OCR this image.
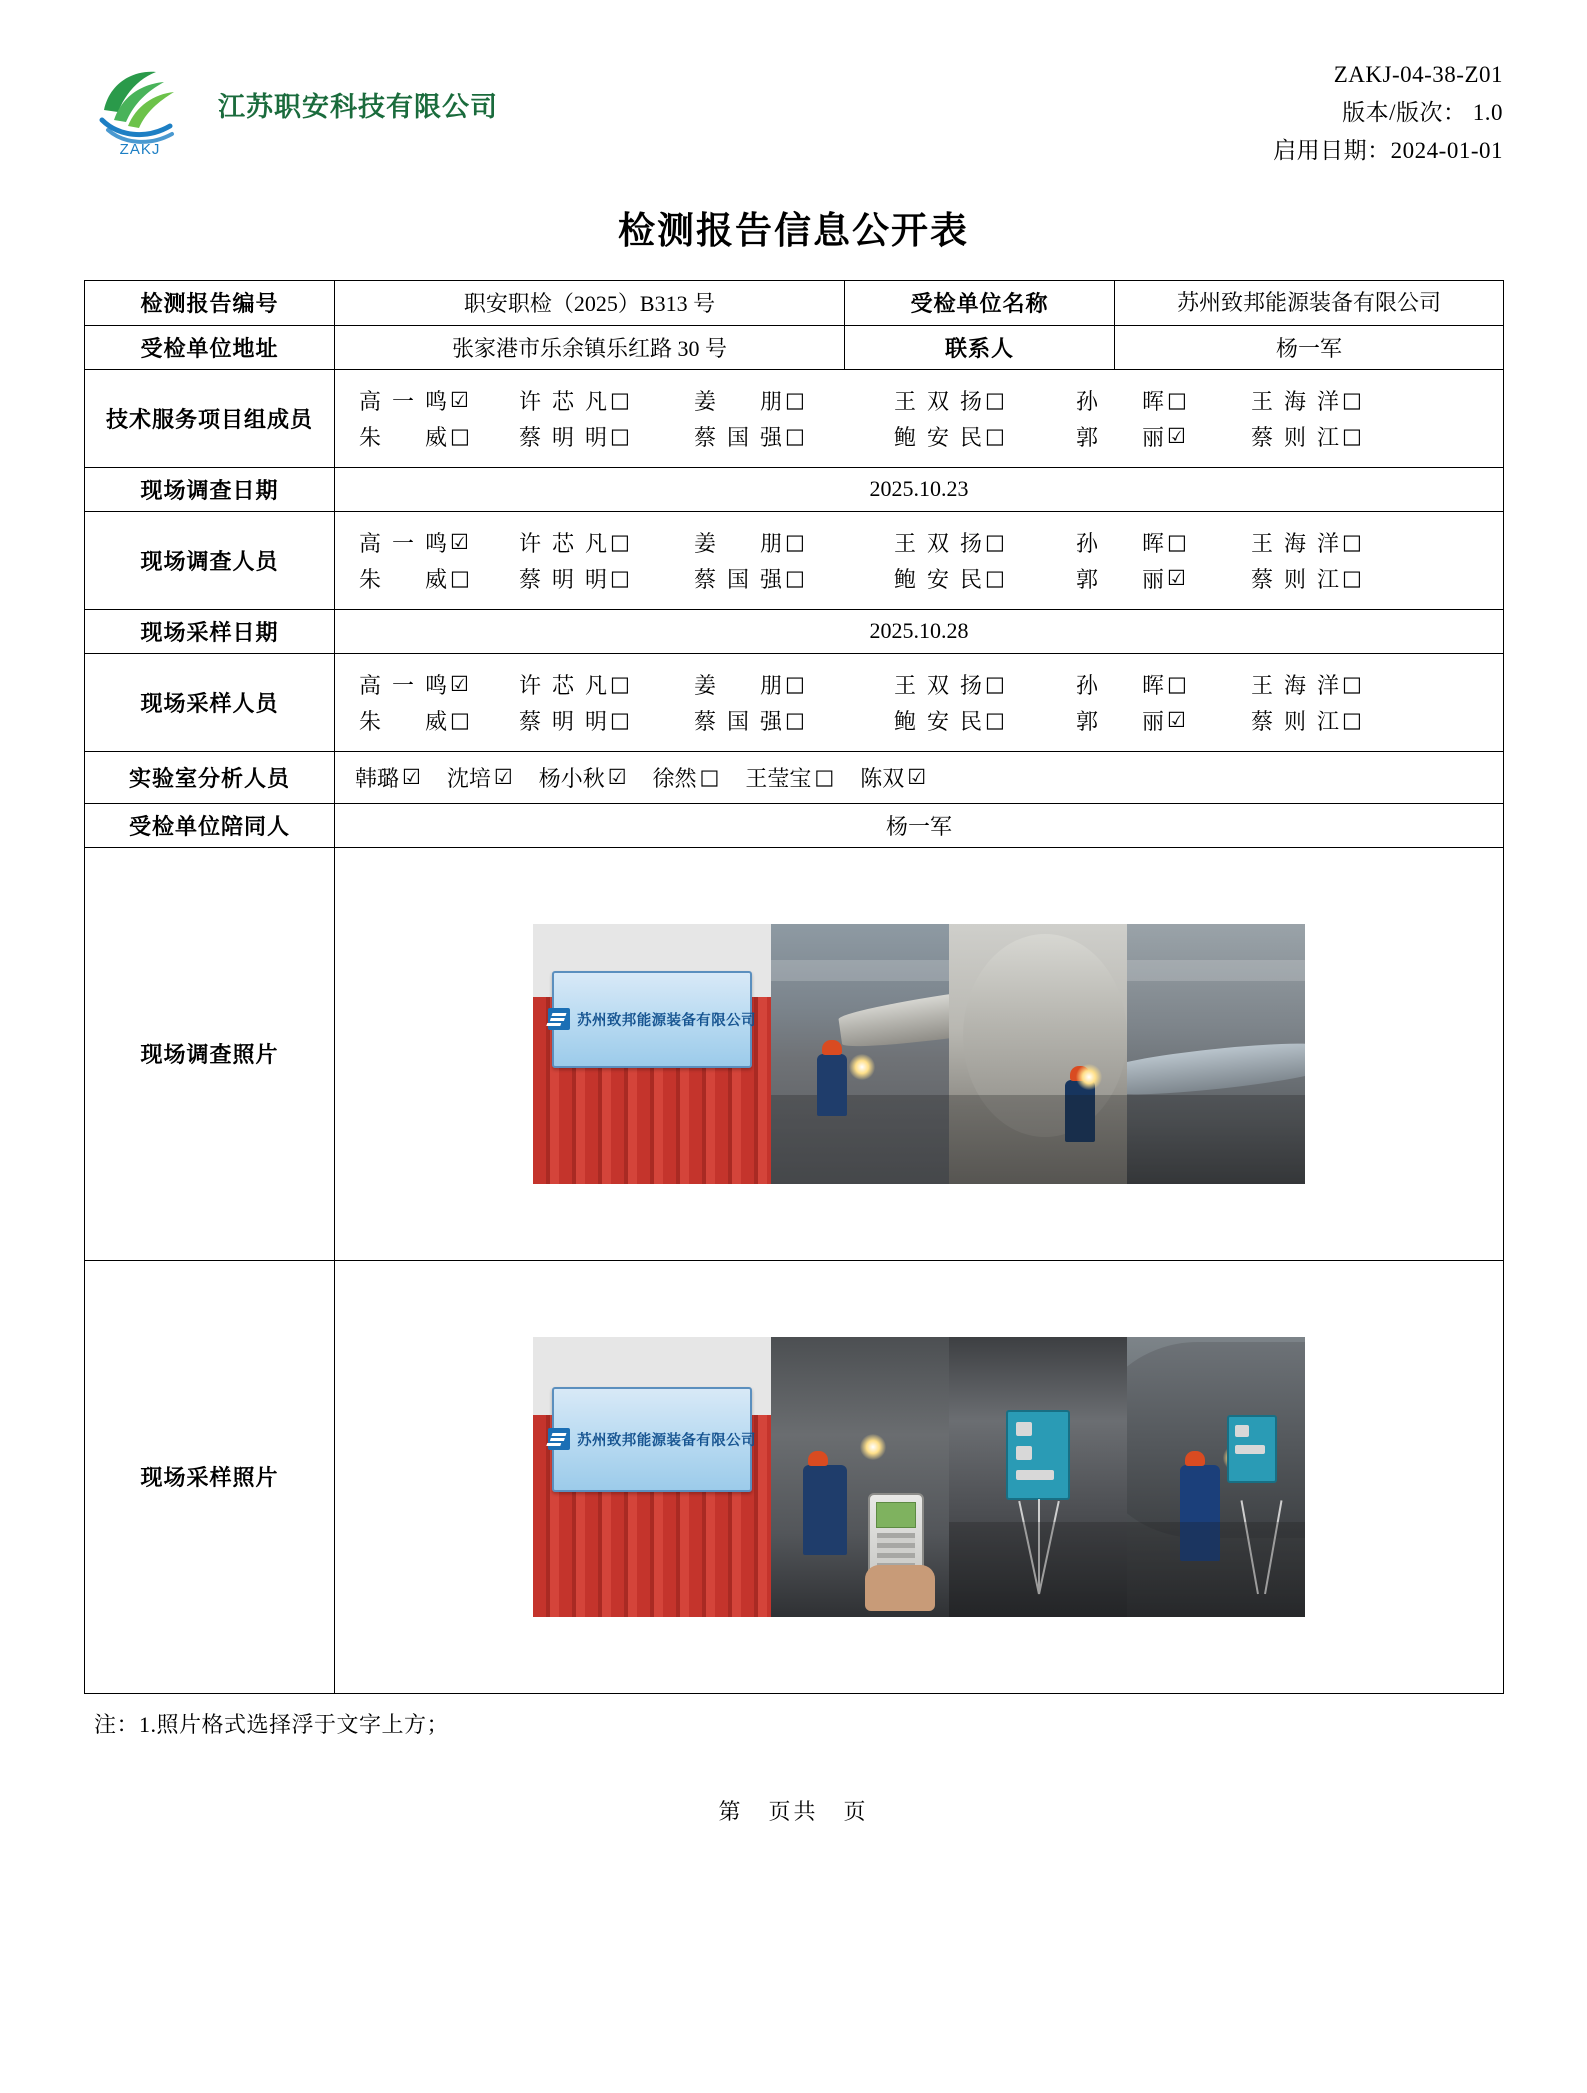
ZAKJ
江苏职安科技有限公司
ZAKJ-04-38-Z01
版本/版次： 1.0
启用日期：2024-01-01
检测报告信息公开表
检测报告编号	职安职检（2025）B313 号	受检单位名称	苏州致邦能源装备有限公司
受检单位地址	张家港市乐余镇乐红路 30 号	联系人	杨一军
技术服务项目组成员	
高一鸣 ☑ 许芯凡 □	姜　朋 □	王双扬 □	孙　晖 □	王海洋 □
朱　威 □ 蔡明明 □	蔡国强 □	鲍安民 □	郭　丽 ☑	蔡则江 □

现场调查日期	2025.10.23		
现场调查人员	
高一鸣 ☑ 许芯凡 □	姜　朋 □	王双扬 □	孙　晖 □	王海洋 □
朱　威 □ 蔡明明 □	蔡国强 □	鲍安民 □	郭　丽 ☑	蔡则江 □

现场采样日期	2025.10.28		
现场采样人员	
高一鸣 ☑ 许芯凡 □	姜　朋 □	王双扬 □	孙　晖 □	王海洋 □
朱　威 □ 蔡明明 □	蔡国强 □	鲍安民 □	郭　丽 ☑	蔡则江 □

实验室分析人员	韩璐 ☑ 沈培 ☑ 杨小秋 ☑ 徐然 □ 王莹宝 □ 陈双 ☑

受检单位陪同人	杨一军		
现场调查照片	苏州致邦能源装备有限公司		

现场采样照片	苏州致邦能源装备有限公司		
注：1.照片格式选择浮于文字上方；
第　页共　页
